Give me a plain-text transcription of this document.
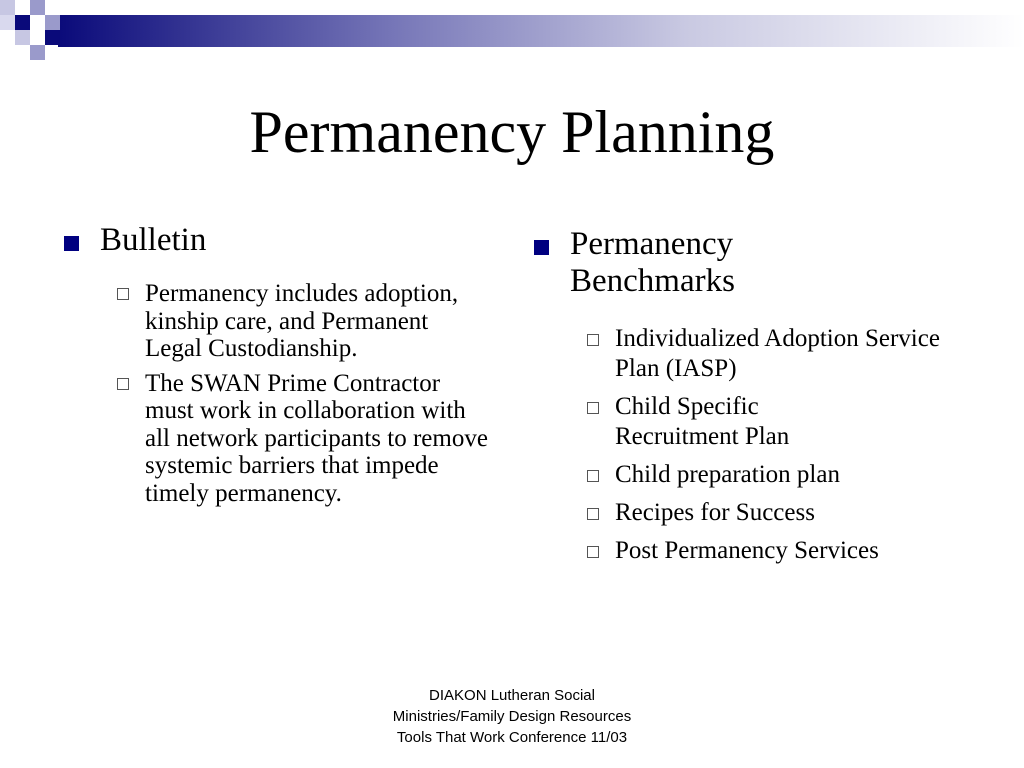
Permanency Planning
Bulletin
Permanency includes adoption, kinship care, and Permanent Legal Custodianship.
The SWAN Prime Contractor must work in collaboration with all network participants to remove systemic barriers that impede timely permanency.
Permanency Benchmarks
Individualized Adoption Service Plan (IASP)
Child Specific Recruitment Plan
Child preparation plan
Recipes for Success
Post Permanency Services
DIAKON Lutheran Social
Ministries/Family Design Resources
Tools That Work Conference 11/03
